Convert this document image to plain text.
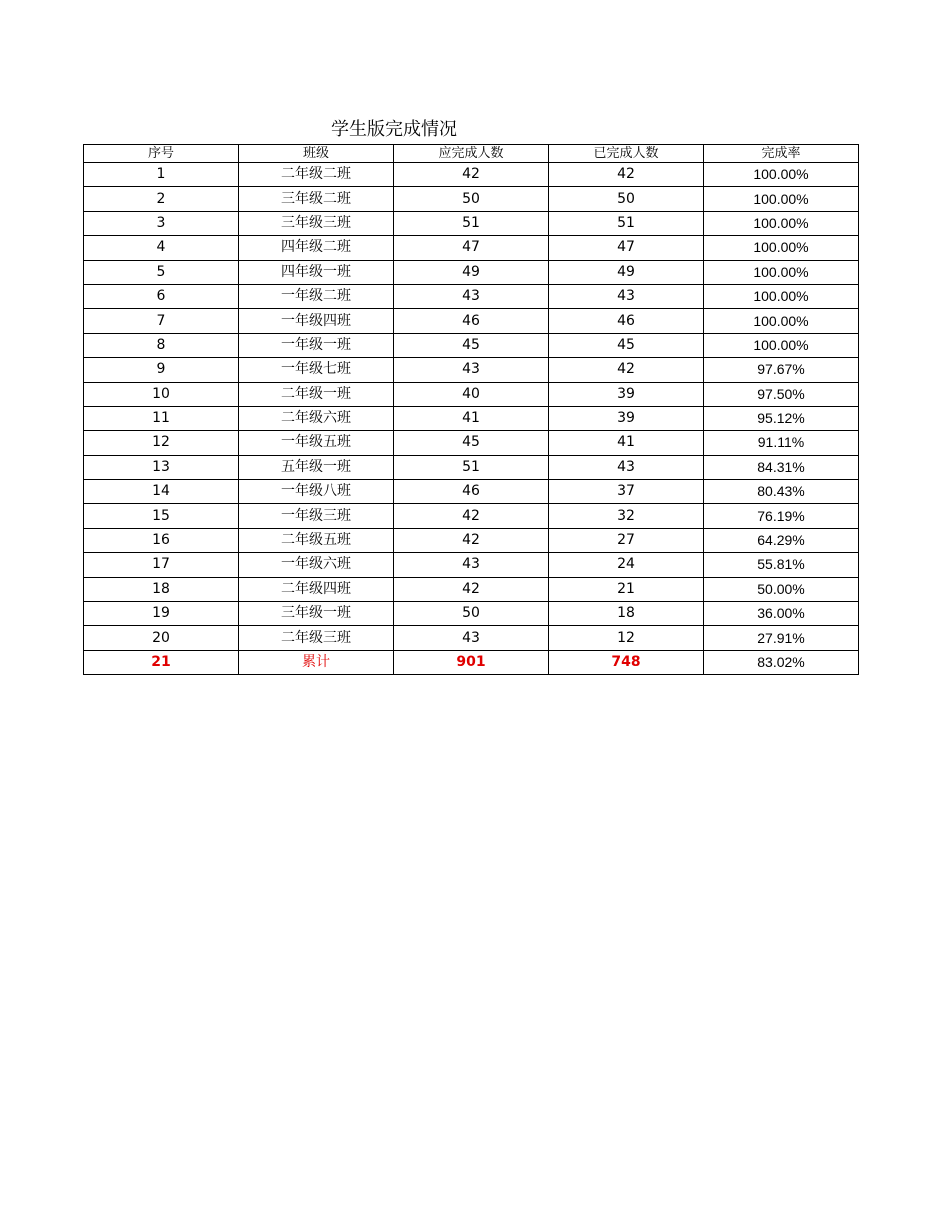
学生版完成情况
序号	班级	应完成人数	已完成人数	完成率
1	二年级二班	42	42	100.00%
2	三年级二班	50	50	100.00%
3	三年级三班	51	51	100.00%
4	四年级二班	47	47	100.00%
5	四年级一班	49	49	100.00%
6	一年级二班	43	43	100.00%
7	一年级四班	46	46	100.00%
8	一年级一班	45	45	100.00%
9	一年级七班	43	42	97.67%
10	二年级一班	40	39	97.50%
11	二年级六班	41	39	95.12%
12	一年级五班	45	41	91.11%
13	五年级一班	51	43	84.31%
14	一年级八班	46	37	80.43%
15	一年级三班	42	32	76.19%
16	二年级五班	42	27	64.29%
17	一年级六班	43	24	55.81%
18	二年级四班	42	21	50.00%
19	三年级一班	50	18	36.00%
20	二年级三班	43	12	27.91%
21	累计	901	748	83.02%
